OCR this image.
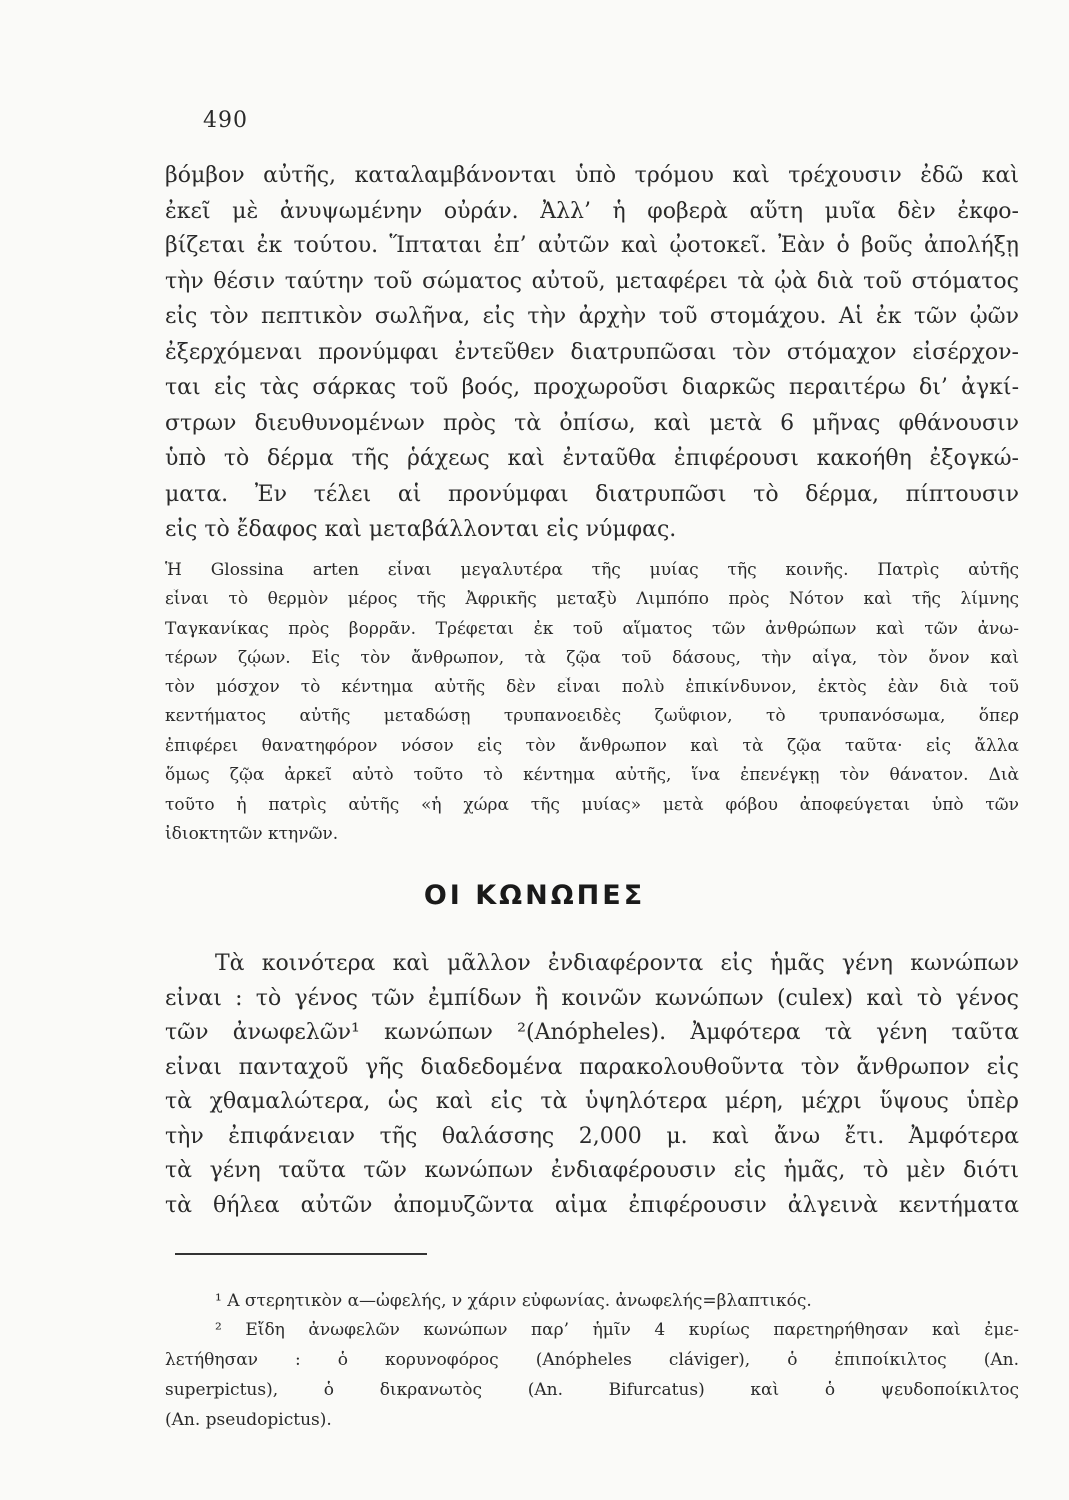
490
βόμβον αὐτῆς, καταλαμβάνονται ὑπὸ τρόμου καὶ τρέχουσιν ἐδῶ καὶ
ἐκεῖ μὲ ἀνυψωμένην οὐράν. Ἀλλ’ ἡ φοβερὰ αὕτη μυῖα δὲν ἐκφο-
βίζεται ἐκ τούτου. Ἵπταται ἐπ’ αὐτῶν καὶ ᾠοτοκεῖ. Ἐὰν ὁ βοῦς ἀπολήξῃ
τὴν θέσιν ταύτην τοῦ σώματος αὐτοῦ, μεταφέρει τὰ ᾠὰ διὰ τοῦ στόματος
εἰς τὸν πεπτικὸν σωλῆνα, εἰς τὴν ἀρχὴν τοῦ στομάχου. Αἱ ἐκ τῶν ᾠῶν
ἐξερχόμεναι προνύμφαι ἐντεῦθεν διατρυπῶσαι τὸν στόμαχον εἰσέρχον-
ται εἰς τὰς σάρκας τοῦ βοός, προχωροῦσι διαρκῶς περαιτέρω δι’ ἀγκί-
στρων διευθυνομένων πρὸς τὰ ὀπίσω, καὶ μετὰ 6 μῆνας φθάνουσιν
ὑπὸ τὸ δέρμα τῆς ῥάχεως καὶ ἐνταῦθα ἐπιφέρουσι κακοήθη ἐξογκώ-
ματα. Ἐν τέλει αἱ προνύμφαι διατρυπῶσι τὸ δέρμα, πίπτουσιν
εἰς τὸ ἔδαφος καὶ μεταβάλλονται εἰς νύμφας.
Ἡ Glossina arten εἶναι μεγαλυτέρα τῆς μυίας τῆς κοινῆς. Πατρὶς αὐτῆς
εἶναι τὸ θερμὸν μέρος τῆς Ἀφρικῆς μεταξὺ Λιμπόπο πρὸς Νότον καὶ τῆς λίμνης
Ταγκανίκας πρὸς βορρᾶν. Τρέφεται ἐκ τοῦ αἵματος τῶν ἀνθρώπων καὶ τῶν ἀνω-
τέρων ζῴων. Εἰς τὸν ἄνθρωπον, τὰ ζῷα τοῦ δάσους, τὴν αἶγα, τὸν ὄνον καὶ
τὸν μόσχον τὸ κέντημα αὐτῆς δὲν εἶναι πολὺ ἐπικίνδυνον, ἐκτὸς ἐὰν διὰ τοῦ
κεντήματος αὐτῆς μεταδώσῃ τρυπανοειδὲς ζωΰφιον, τὸ τρυπανόσωμα, ὅπερ
ἐπιφέρει θανατηφόρον νόσον εἰς τὸν ἄνθρωπον καὶ τὰ ζῷα ταῦτα· εἰς ἄλλα
ὅμως ζῷα ἀρκεῖ αὐτὸ τοῦτο τὸ κέντημα αὐτῆς, ἵνα ἐπενέγκῃ τὸν θάνατον. Διὰ
τοῦτο ἡ πατρὶς αὐτῆς «ἡ χώρα τῆς μυίας» μετὰ φόβου ἀποφεύγεται ὑπὸ τῶν
ἰδιοκτητῶν κτηνῶν.
ΟΙ ΚΩΝΩΠΕΣ
Τὰ κοινότερα καὶ μᾶλλον ἐνδιαφέροντα εἰς ἡμᾶς γένη κωνώπων
εἶναι : τὸ γένος τῶν ἐμπίδων ἢ κοινῶν κωνώπων (culex) καὶ τὸ γένος
τῶν ἀνωφελῶν¹ κωνώπων ²(Anópheles). Ἀμφότερα τὰ γένη ταῦτα
εἶναι πανταχοῦ γῆς διαδεδομένα παρακολουθοῦντα τὸν ἄνθρωπον εἰς
τὰ χθαμαλώτερα, ὡς καὶ εἰς τὰ ὑψηλότερα μέρη, μέχρι ὕψους ὑπὲρ
τὴν ἐπιφάνειαν τῆς θαλάσσης 2,000 μ. καὶ ἄνω ἔτι. Ἀμφότερα
τὰ γένη ταῦτα τῶν κωνώπων ἐνδιαφέρουσιν εἰς ἡμᾶς, τὸ μὲν διότι
τὰ θήλεα αὐτῶν ἀπομυζῶντα αἷμα ἐπιφέρουσιν ἀλγεινὰ κεντήματα
¹ Α στερητικὸν α—ὠφελής, ν χάριν εὐφωνίας. ἀνωφελής=βλαπτικός.
² Εἴδη ἀνωφελῶν κωνώπων παρ’ ἡμῖν 4 κυρίως παρετηρήθησαν καὶ ἐμε-
λετήθησαν : ὁ κορυνοφόρος (Anópheles cláviger), ὁ ἐπιποίκιλτος (An.
superpictus), ὁ δικρανωτὸς (An. Bifurcatus) καὶ ὁ ψευδοποίκιλτος
(An. pseudopictus).
